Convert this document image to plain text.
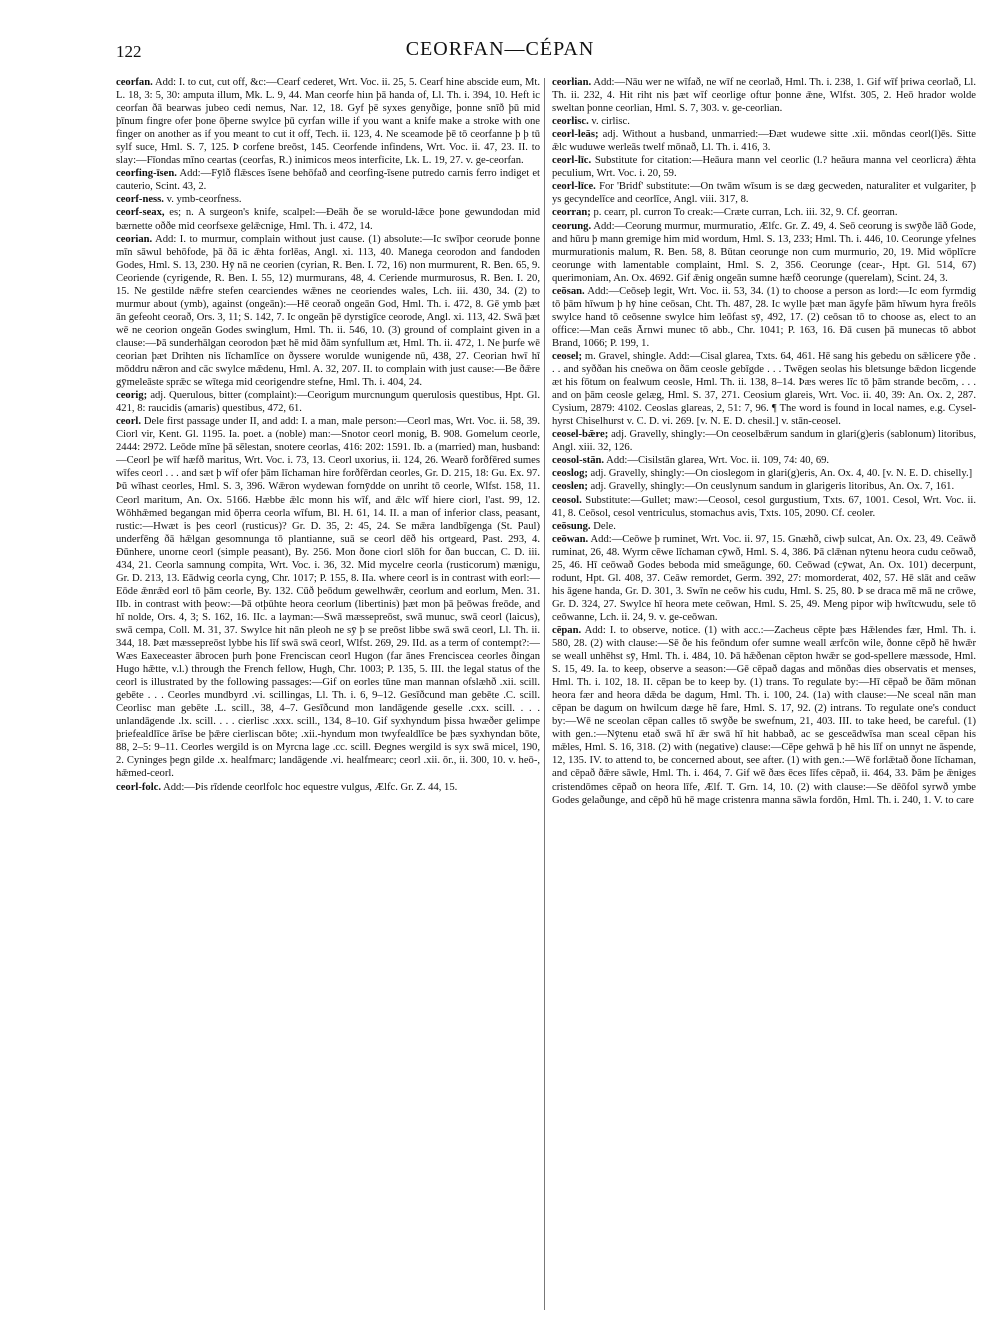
122	CEORFAN—CÉPAN

ceorfan. Add: I. to cut, cut off, &c:—Cearf cederet, Wrt. Voc. ii. 25, 5. Cearf hine abscide eum, Mt. L. 18, 3: 5, 30: amputa illum, Mk. L. 9, 44. Man ceorfe hiın þā handa of, Ll. Th. i. 394, 10. Heft ic ceorfan ðā bearwas jubeo cedi nemus, Nar. 12, 18. Gyf þē syxes genyðige, þonne snīð þū mid þīnum fingre ofer þone ōþerne swylce þū cyrfan wille if you want a knife make a stroke with one finger on another as if you meant to cut it off, Tech. ii. 123, 4. Ne sceamode þē tō ceorfanne þ þ tū sylf suce, Hml. S. 7, 125. Þ corfene breōst, 145. Ceorfende infindens, Wrt. Voc. ii. 47, 23. II. to slay:—Fīondas mīno ceartas (ceorfas, R.) inimicos meos interficite, Lk. L. 19, 27. v. ge-ceorfan.

ceorfing-īsen. Add:—Fȳlð flǣsces īsene behōfað and ceorfing-īsene putredo carnis ferro indiget et cauterio, Scint. 43, 2.

ceorf-ness. v. ymb-ceorfness.

ceorf-seax, es; n. A surgeon's knife, scalpel:—Ðeāh ðe se woruld-lǣce þone gewundodan mid bærnette oððe mid ceorfsexe gelǣcnige, Hml. Th. i. 472, 14.

ceorian. Add: I. to murmur, complain without just cause. (1) absolute:—Ic swīþor ceorude þonne mīn sāwul behōfode, þā ðā ic ǣhta forlēas, Angl. xi. 113, 40. Manega ceorodon and fandoden Godes, Hml. S. 13, 230. Hȳ nā ne ceorien (cyrian, R. Ben. I. 72, 16) non murmurent, R. Ben. 65, 9. Ceoriende (cyrigende, R. Ben. I. 55, 12) murmurans, 48, 4. Ceriende murmurosus, R. Ben. I. 20, 15. Ne gestilde nǣfre stefen cearciendes wǣnes ne ceoriendes wales, Lch. iii. 430, 34. (2) to murmur about (ymb), against (ongeān):—Hē ceorað ongeān God, Hml. Th. i. 472, 8. Gē ymb þæt ān gefeoht ceorað, Ors. 3, 11; S. 142, 7. Ic ongeān þē dyrstigīce ceorode, Angl. xi. 113, 42. Swā þæt wē ne ceorion ongeān Godes swinglum, Hml. Th. ii. 546, 10. (3) ground of complaint given in a clause:—Þā sunderhālgan ceorodon þæt hē mid ðām synfullum æt, Hml. Th. ii. 472, 1. Ne þurfe wē ceorian þæt Drihten nis līchamlīce on ðyssere worulde wunigende nū, 438, 27. Ceorian hwī hī mōddru nǣron and cāc swylce mǣdenu, Hml. A. 32, 207. II. to complain with just cause:—Be ðǣre gȳmeleāste sprǣc se wītega mid ceorigendre stefne, Hml. Th. i. 404, 24.

ceorig; adj. Querulous, bitter (complaint):—Ceorigum murcnungum querulosis questibus, Hpt. Gl. 421, 8: raucidis (amaris) questibus, 472, 61.

ceorl. Dele first passage under II, and add: I. a man, male person:—Ceorl mas, Wrt. Voc. ii. 58, 39. Ciorl vir, Kent. Gl. 1195. Ia. poet. a (noble) man:—Snotor ceorl monig, B. 908. Gomelum ceorle, 2444: 2972. Leōde mīne þā sēlestan, snotere ceorlas, 416: 202: 1591. Ib. a (married) man, husband:—Ceorl þe wīf hæfð maritus, Wrt. Voc. i. 73, 13. Ceorl uxorius, ii. 124, 26. Wearð forðfēred sumes wīfes ceorl . . . and sæt þ wīf ofer þām līchaman hire forðfērdan ceorles, Gr. D. 215, 18: Gu. Ex. 97. Þū wīhast ceorles, Hml. S. 3, 396. Wǣron wydewan fornȳdde on unriht tō ceorle, Wlfst. 158, 11. Ceorl maritum, An. Ox. 5166. Hæbbe ǣlc monn his wīf, and ǣlc wīf hiere ciorl, l'ast. 99, 12. Wōhhǣmed begangan mid ōþerra ceorla wīfum, Bl. H. 61, 14. II. a man of inferior class, peasant, rustic:—Hwæt is þes ceorl (rusticus)? Gr. D. 35, 2: 45, 24. Se mǣra landbīgenga (St. Paul) underfēng ðā hǣlgan gesomnunga tō plantianne, suā se ceorl dēð his ortgeard, Past. 293, 4. Ðūnhere, unorne ceorl (simple peasant), By. 256. Mon ðone ciorl slōh for ðan buccan, C. D. iii. 434, 21. Ceorla samnung compita, Wrt. Voc. i. 36, 32. Mid mycelre ceorla (rusticorum) mænigu, Gr. D. 213, 13. Eādwig ceorla cyng, Chr. 1017; P. 155, 8. IIa. where ceorl is in contrast with eorl:—Eōde ǣnrǣd eorl tō þām ceorle, By. 132. Cūð þeōdum gewelhwǣr, ceorlum and eorlum, Men. 31. IIb. in contrast with þeow:—Þā otþūhte heora ceorlum (libertinis) þæt mon þā þeōwas freōde, and hī nolde, Ors. 4, 3; S. 162, 16. IIc. a layman:—Swā mæssepreōst, swā munuc, swā ceorl (laicus), swā cempa, Coll. M. 31, 37. Swylce hit nān pleoh ne sȳ þ se preōst libbe swā swā ceorl, Ll. Th. ii. 344, 18. Þæt mæssepreōst lybbe his līf swā swā ceorl, Wlfst. 269, 29. IId. as a term of contempt?:—Wæs Eaxeceaster ābrocen þurh þone Frenciscan ceorl Hugon (far ānes Frenciscea ceorles ðingan Hugo hǣtte, v.l.) through the French fellow, Hugh, Chr. 1003; P. 135, 5. III. the legal status of the ceorl is illustrated by the following passages:—Gif on eorles tūne man mannan ofslæhð .xii. scill. gebēte . . . Ceorles mundbyrd .vi. scillingas, Ll. Th. i. 6, 9–12. Gesīðcund man gebēte .C. scill. Ceorlisc man gebēte .L. scill., 38, 4–7. Gesīðcund mon landāgende geselle .cxx. scill. . . . unlandāgende .lx. scill. . . . cierlisc .xxx. scill., 134, 8–10. Gif syxhyndum þissa hwæðer gelimpe þriefealdlīce ārīse be þǣre cierliscan bōte; .xii.-hyndum mon twyfealdlīce be þæs syxhyndan bōte, 88, 2–5: 9–11. Ceorles wergild is on Myrcna lage .cc. scill. Ðegnes wergild is syx swā micel, 190, 2. Cyninges þegn gilde .x. healfmarc; landāgende .vi. healfmearc; ceorl .xii. ōr., ii. 300, 10. v. heō-, hǣmed-ceorl.

ceorl-folc. Add:—Þis rīdende ceorlfolc hoc equestre vulgus, Ælfc. Gr. Z. 44, 15.

ceorlian. Add:—Nāu wer ne wīfað, ne wīf ne ceorlað, Hml. Th. i. 238, 1. Gif wīf þriwa ceorlað, Ll. Th. ii. 232, 4. Hit riht nis þæt wīf ceorlige oftur þonne ǣne, Wlfst. 305, 2. Heō hrador wolde sweltan þonne ceorlian, Hml. S. 7, 303. v. ge-ceorlian.

ceorlisc. v. cirlisc.

ceorl-leās; adj. Without a husband, unmarried:—Ðæt wudewe sitte .xii. mōndas ceorl(l)ēs. Sitte ǣlc wuduwe werleās twelf mōnað, Ll. Th. i. 416, 3.

ceorl-līc. Substitute for citation:—Heāura mann vel ceorlic (l.? heāura manna vel ceorlicra) ǣhta peculium, Wrt. Voc. i. 20, 59.

ceorl-līce. For 'Bridf' substitute:—On twām wīsum is se dæg gecweden, naturaliter et vulgariter, þ ys gecyndelīce and ceorlīce, Angl. viii. 317, 8.

ceorran; p. cearr, pl. curron To creak:—Cræte curran, Lch. iii. 32, 9. Cf. georran.

ceorung. Add:—Ceorung murmur, murmuratio, Ælfc. Gr. Z. 49, 4. Seō ceorung is swȳðe lāð Gode, and hūru þ mann gremige him mid wordum, Hml. S. 13, 233; Hml. Th. i. 446, 10. Ceorunge yfelnes murmurationis malum, R. Ben. 58, 8. Būtan ceorunge non cum murmurio, 20, 19. Mid wōplīcre ceorunge with lamentable complaint, Hml. S. 2, 356. Ceorunge (cear-, Hpt. Gl. 514, 67) querimoniam, An. Ox. 4692. Gif ǣnig ongeān sumne hæfð ceorunge (querelam), Scint. 24, 3.

ceōsan. Add:—Ceōseþ legit, Wrt. Voc. ii. 53, 34. (1) to choose a person as lord:—Ic eom fyrmdig tō þām hīwum þ hȳ hine ceōsan, Cht. Th. 487, 28. Ic wylle þæt man āgyfe þām hīwum hyra freōls swylce hand tō ceōsenne swylce him leōfast sȳ, 492, 17. (2) ceōsan tō to choose as, elect to an office:—Man ceās Ārnwi munec tō abb., Chr. 1041; P. 163, 16. Ðā cusen þā munecas tō abbot Brand, 1066; P. 199, 1.

ceosel; m. Gravel, shingle. Add:—Cisal glarea, Txts. 64, 461. Hē sang his gebedu on sǣlicere ȳðe . . . and syððan his cneōwa on ðām ceosle gebīgde . . . Twēgen seolas his bletsunge bǣdon licgende æt his fōtum on fealwum ceosle, Hml. Th. ii. 138, 8–14. Þæs weres līc tō þām strande becōm, . . . and on þām ceosle gelæg, Hml. S. 37, 271. Ceosium glareis, Wrt. Voc. ii. 40, 39: An. Ox. 2, 287. Cysium, 2879: 4102. Ceoslas glareas, 2, 51: 7, 96. ¶ The word is found in local names, e.g. Cysel-hyrst Chiselhurst v. C. D. vi. 269. [v. N. E. D. chesil.] v. stān-ceosel.

ceosel-bǣre; adj. Gravelly, shingly:—On ceoselbǣrum sandum in glari(g)eris (sablonum) litoribus, Angl. xiii. 32, 126.

ceosol-stān. Add:—Cisilstān glarea, Wrt. Voc. ii. 109, 74: 40, 69.

ceoslog; adj. Gravelly, shingly:—On cioslegom in glari(g)eris, An. Ox. 4, 40. [v. N. E. D. chiselly.]

ceoslen; adj. Gravelly, shingly:—On ceuslynum sandum in glarigeris litoribus, An. Ox. 7, 161.

ceosol. Substitute:—Gullet; maw:—Ceosol, cesol gurgustium, Txts. 67, 1001. Cesol, Wrt. Voc. ii. 41, 8. Ceōsol, cesol ventriculus, stomachus avis, Txts. 105, 2090. Cf. ceoler.

ceōsung. Dele.

ceōwan. Add:—Ceōwe þ ruminet, Wrt. Voc. ii. 97, 15. Gnæhð, ciwþ sulcat, An. Ox. 23, 49. Ceāwð ruminat, 26, 48. Wyrm cēwe līchaman cȳwð, Hml. S. 4, 386. Þā clǣnan nȳtenu heora cudu ceōwað, 25, 46. Hī ceōwað Godes beboda mid smeāgunge, 60. Ceōwad (cȳwat, An. Ox. 101) decerpunt, rodunt, Hpt. Gl. 408, 37. Ceāw remordet, Germ. 392, 27: momorderat, 402, 57. Hē slāt and ceāw his āgene handa, Gr. D. 301, 3. Swīn ne ceōw his cudu, Hml. S. 25, 80. Þ se draca mē mā ne crōwe, Gr. D. 324, 27. Swylce hī heora mete ceōwan, Hml. S. 25, 49. Meng pipor wiþ hwītcwudu, sele tō ceōwanne, Lch. ii. 24, 9. v. ge-ceōwan.

cēpan. Add: I. to observe, notice. (1) with acc.:—Zacheus cēpte þæs Hǣlendes fær, Hml. Th. i. 580, 28. (2) with clause:—Sē ðe his feōndum ofer sumne weall ærfcōn wile, ðonne cēpð hē hwǣr se weall unhēhst sȳ, Hml. Th. i. 484, 10. Þā hǣðenan cēpton hwǣr se god-spellere mæssode, Hml. S. 15, 49. Ia. to keep, observe a season:—Gē cēpað dagas and mōnðas dies observatis et menses, Hml. Th. i. 102, 18. II. cēpan be to keep by. (1) trans. To regulate by:—Hī cēpað be ðām mōnan heora fær and heora dǣda be dagum, Hml. Th. i. 100, 24. (1a) with clause:—Ne sceal nān man cēpan be dagum on hwilcum dæge hē fare, Hml. S. 17, 92. (2) intrans. To regulate one's conduct by:—Wē ne sceolan cēpan calles tō swȳðe be swefnum, 21, 403. III. to take heed, be careful. (1) with gen.:—Nȳtenu etað swā hī ǣr swā hī hit habbað, ac se gesceādwīsa man sceal cēpan his mǣles, Hml. S. 16, 318. (2) with (negative) clause:—Cēpe gehwā þ hē his līf on unnyt ne āspende, 12, 135. IV. to attend to, be concerned about, see after. (1) with gen.:—Wē forlǣtað ðone līchaman, and cēpað ðǣre sāwle, Hml. Th. i. 464, 7. Gif wē ðæs ēces līfes cēpað, ii. 464, 33. Þām þe ǣniges cristendōmes cēpað on heora līfe, Ælf. T. Grn. 14, 10. (2) with clause:—Se dēōfol syrwð ymbe Godes gelaðunge, and cēpð hū hē mage cristenra manna sāwla fordōn, Hml. Th. i. 240, 1. V. to care
